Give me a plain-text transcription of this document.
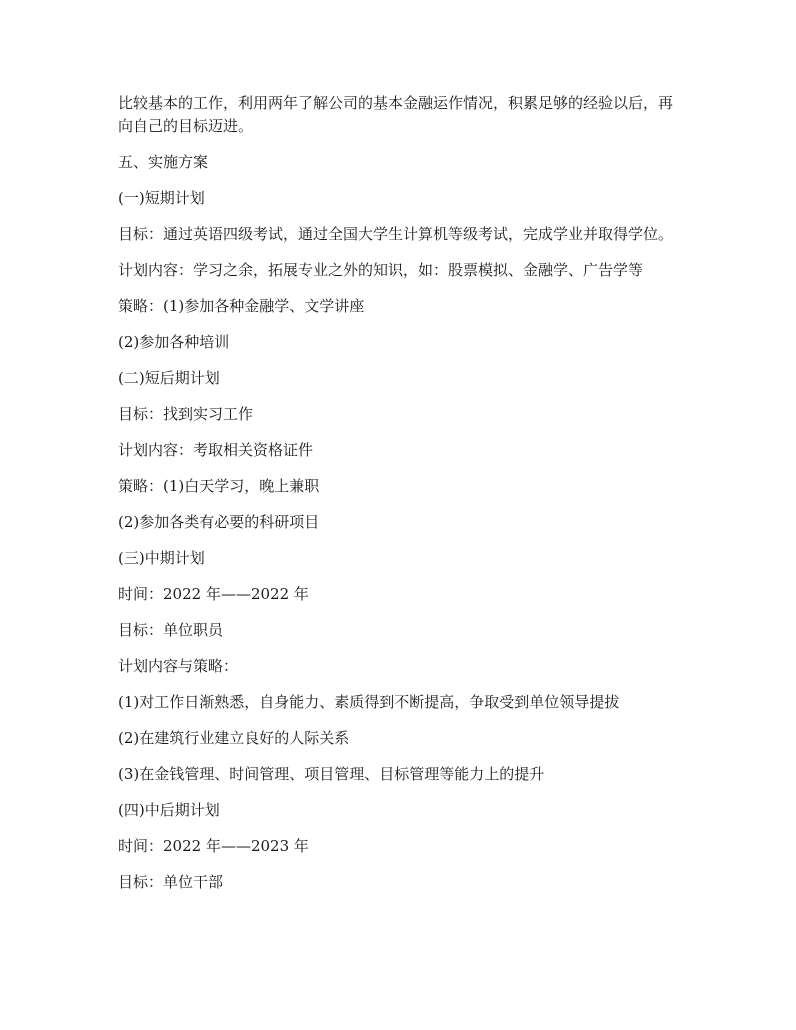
比较基本的工作，利用两年了解公司的基本金融运作情况，积累足够的经验以后，再向自己的目标迈进。

五、实施方案

(一)短期计划

目标：通过英语四级考试，通过全国大学生计算机等级考试，完成学业并取得学位。

计划内容：学习之余，拓展专业之外的知识，如：股票模拟、金融学、广告学等

策略：(1)参加各种金融学、文学讲座

(2)参加各种培训

(二)短后期计划

目标：找到实习工作

计划内容：考取相关资格证件

策略：(1)白天学习，晚上兼职

(2)参加各类有必要的科研项目

(三)中期计划

时间：2022 年——2022 年

目标：单位职员

计划内容与策略：

(1)对工作日渐熟悉，自身能力、素质得到不断提高，争取受到单位领导提拔

(2)在建筑行业建立良好的人际关系

(3)在金钱管理、时间管理、项目管理、目标管理等能力上的提升

(四)中后期计划

时间：2022 年——2023 年

目标：单位干部
